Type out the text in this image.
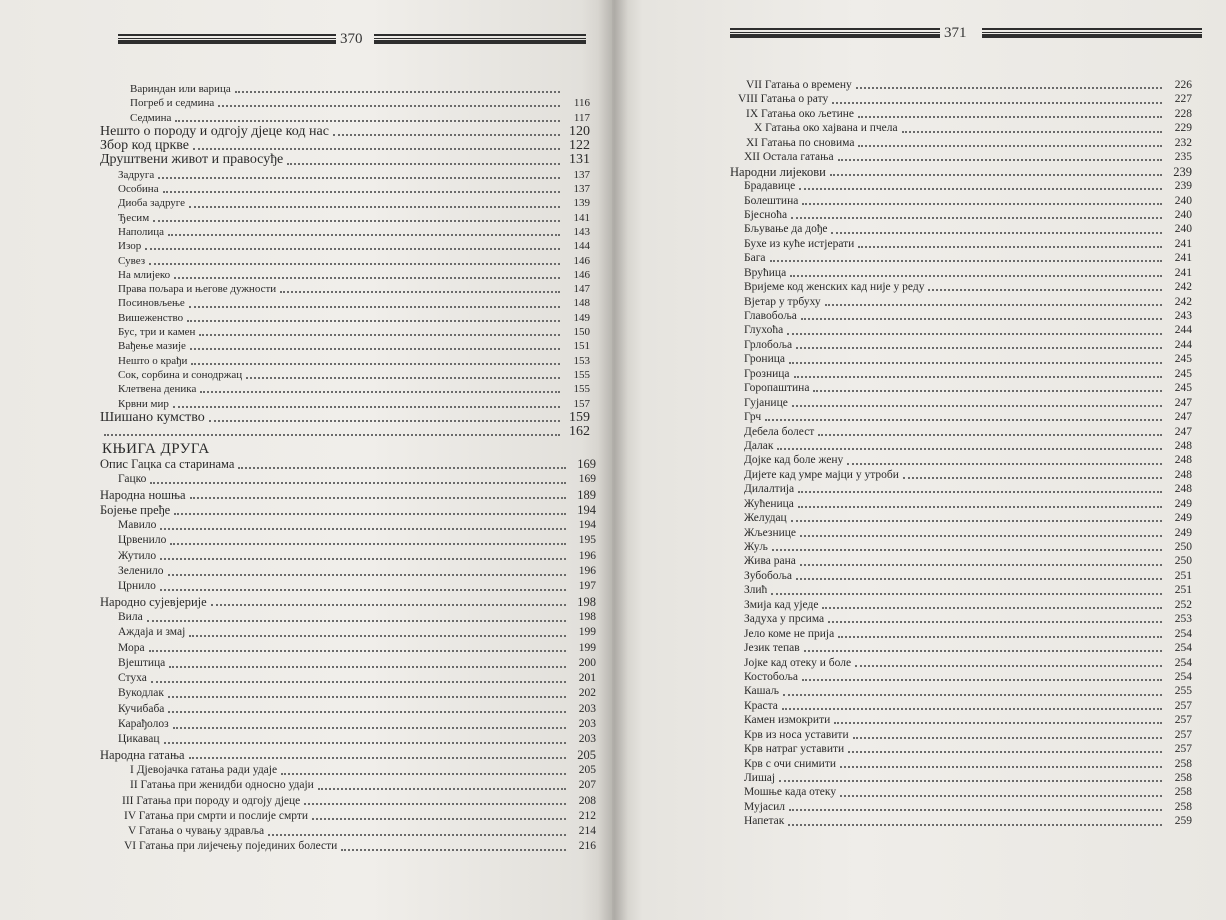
370
Вариндан или варица
Погреб и седмина	116
Седмина	117
Нешто о породу и одгоју дјеце код нас	120
Збор код цркве	122
Друштвени живот и правосуђе	131
Задруга	137
Особина	137
Диоба задруге	139
Ђесим	141
Наполица	143
Изор	144
Сувез	146
На млијеко	146
Права пољара и његове дужности	147
Посиновљење	148
Вишеженство	149
Бус, три и камен	150
Вађење мазије	151
Нешто о крађи	153
Сок, сорбина и сонодржац	155
Клетвена деника	155
Крвни мир	157
Шишано кумство	159
162
КЊИГА ДРУГА
Опис Гацка са старинама	169
Гацко	169
Народна ношња	189
Бојење пређе	194
Мавило	194
Црвенило	195
Жутило	196
Зеленило	196
Црнило	197
Народно сујевјерије	198
Вила	198
Аждаја и змај	199
Мора	199
Вјештица	200
Стуха	201
Вукодлак	202
Кучибаба	203
Карађолоз	203
Цикавац	203
Народна гатања	205
I Дјевојачка гатања ради удаје	205
II Гатања при женидби односно удаји	207
III Гатања при породу и одгоју дјеце	208
IV Гатања при смрти и послије смрти	212
V Гатања о чувању здравља	214
VI Гатања при лијечењу појединих болести	216
371
VII Гатања о времену	226
VIII Гатања о рату	227
IX Гатања око љетине	228
X Гатања око хајвана и пчела	229
XI Гатања по сновима	232
XII Остала гатања	235
Народни лијекови	239
Брадавице	239
Болештина	240
Бјесноћа	240
Бљување да дође	240
Бухе из куће истјерати	241
Бага	241
Врућица	241
Вријеме код женских кад није у реду	242
Вјетар у трбуху	242
Главобоља	243
Глухоћа	244
Грлобоља	244
Гроница	245
Грозница	245
Горопаштина	245
Гујанице	247
Грч	247
Дебела болест	247
Далак	248
Дојке кад боле жену	248
Дијете кад умре мајци у утроби	248
Дилалтија	248
Жућеница	249
Желудац	249
Жљезнице	249
Жуљ	250
Жива рана	250
Зубобоља	251
Злић	251
Змија кад уједе	252
Задуха у прсима	253
Јело коме не прија	254
Језик тепав	254
Јојке кад отеку и боле	254
Костобоља	254
Кашаљ	255
Краста	257
Камен измокрити	257
Крв из носа уставити	257
Крв натраг уставити	257
Крв с очи снимити	258
Лишај	258
Мошње када отеку	258
Мујасил	258
Напетак	259
